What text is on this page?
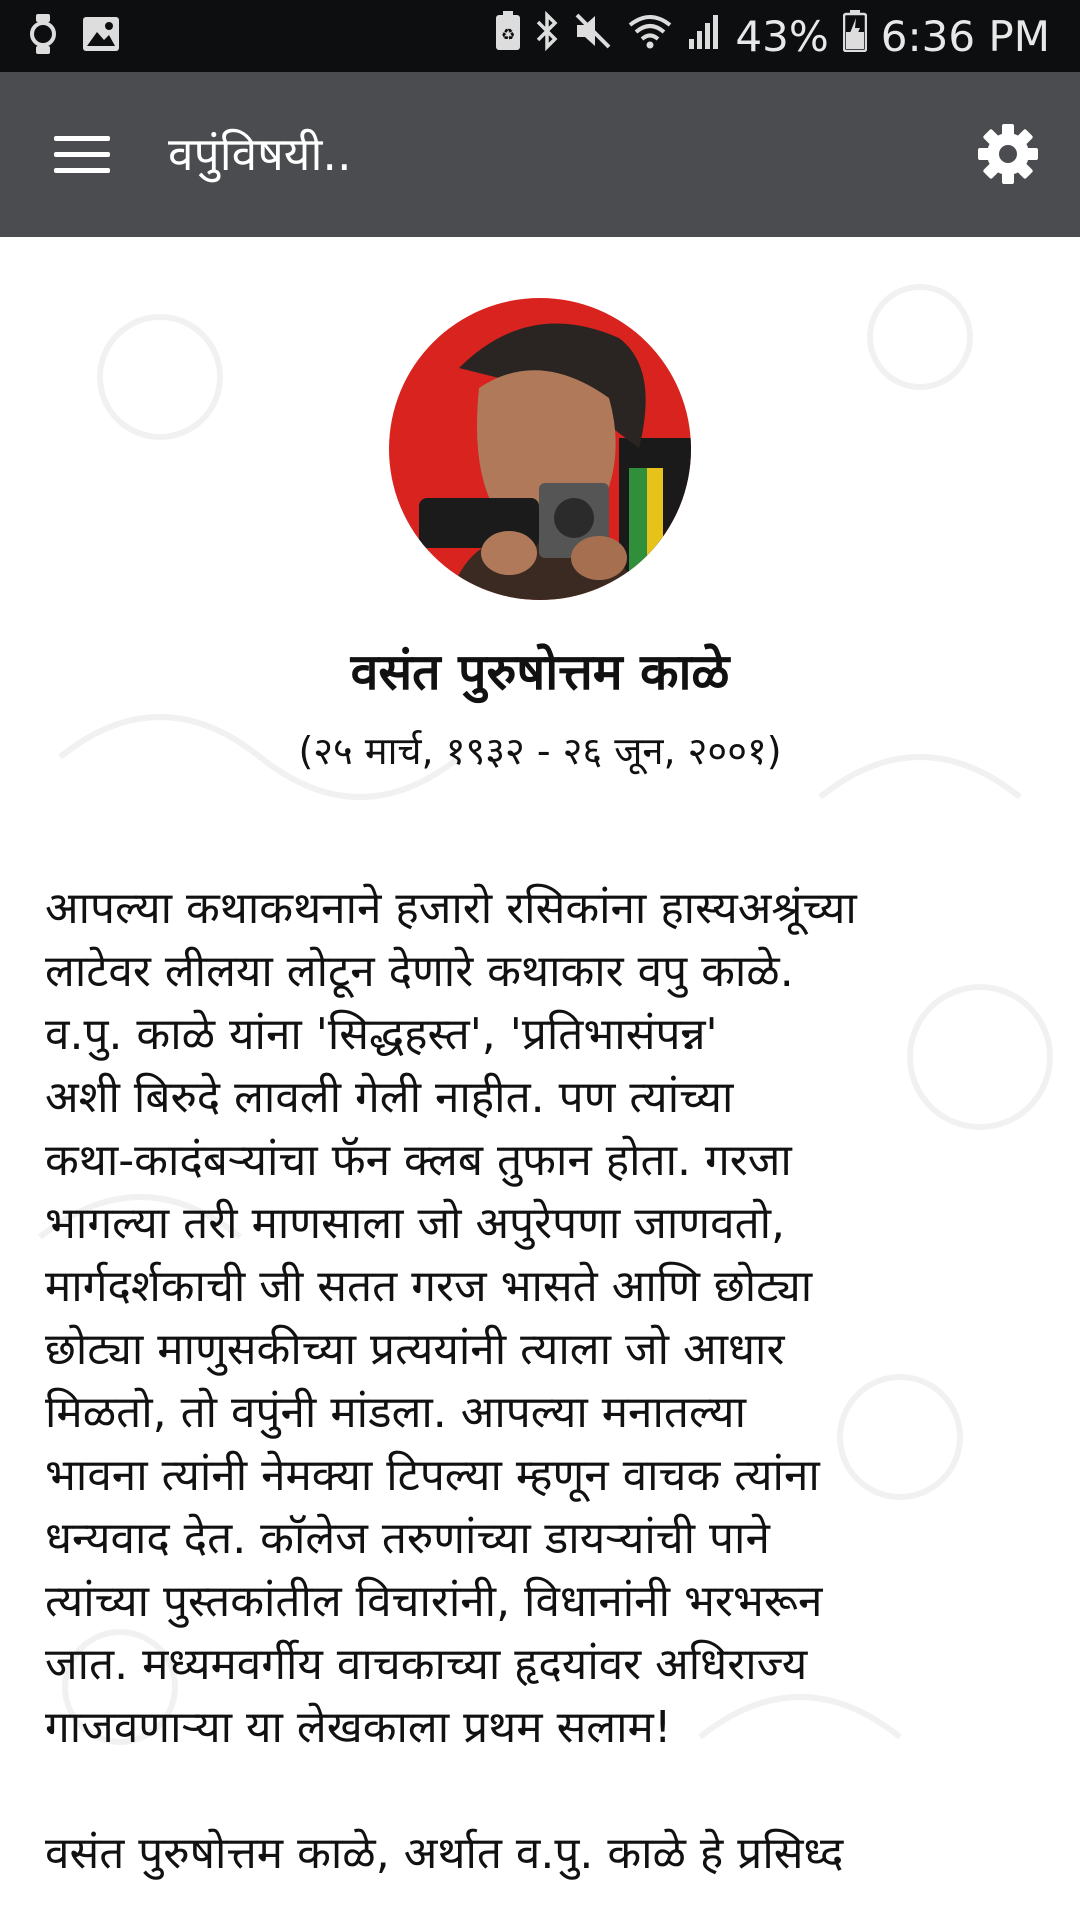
♻	43% 6:36 PM
वपुंविषयी..
वसंत पुरुषोत्तम काळे
(२५ मार्च, १९३२ - २६ जून, २००१)
आपल्या कथाकथनाने हजारो रसिकांना हास्यअश्रूंच्या
लाटेवर लीलया लोटून देणारे कथाकार वपु काळे.
व.पु. काळे यांना 'सिद्धहस्त', 'प्रतिभासंपन्न'
अशी बिरुदे लावली गेली नाहीत. पण त्यांच्या
कथा-कादंबऱ्यांचा फॅन क्लब तुफान होता. गरजा
भागल्या तरी माणसाला जो अपुरेपणा जाणवतो,
मार्गदर्शकाची जी सतत गरज भासते आणि छोट्या
छोट्या माणुसकीच्या प्रत्ययांनी त्याला जो आधार
मिळतो, तो वपुंनी मांडला. आपल्या मनातल्या
भावना त्यांनी नेमक्या टिपल्या म्हणून वाचक त्यांना
धन्यवाद देत. कॉलेज तरुणांच्या डायऱ्यांची पाने
त्यांच्या पुस्तकांतील विचारांनी, विधानांनी भरभरून
जात. मध्यमवर्गीय वाचकाच्या हृदयांवर अधिराज्य
गाजवणाऱ्या या लेखकाला प्रथम सलाम!
वसंत पुरुषोत्तम काळे, अर्थात व.पु. काळे हे प्रसिध्द
